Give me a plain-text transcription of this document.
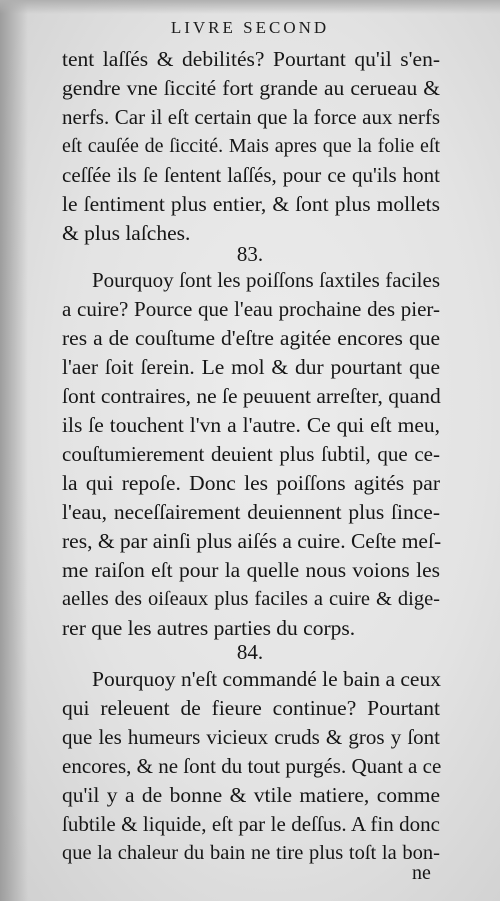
LIVRE SECOND
tent laſſés & debilités? Pourtant qu'il s'en-
gendre vne ſiccité fort grande au cerueau &
nerfs. Car il eſt certain que la force aux nerfs
eſt cauſée de ſiccité. Mais apres que la folie eſt
ceſſée ils ſe ſentent laſſés, pour ce qu'ils hont
le ſentiment plus entier, & ſont plus mollets
& plus laſches.
83.
Pourquoy ſont les poiſſons ſaxtiles faciles
a cuire? Pource que l'eau prochaine des pier-
res a de couſtume d'eſtre agitée encores que
l'aer ſoit ſerein. Le mol & dur pourtant que
ſont contraires, ne ſe peuuent arreſter, quand
ils ſe touchent l'vn a l'autre. Ce qui eſt meu,
couſtumierement deuient plus ſubtil, que ce-
la qui repoſe. Donc les poiſſons agités par
l'eau, neceſſairement deuiennent plus ſince-
res, & par ainſi plus aiſés a cuire. Ceſte meſ-
me raiſon eſt pour la quelle nous voions les
aelles des oiſeaux plus faciles a cuire & dige-
rer que les autres parties du corps.
84.
Pourquoy n'eſt commandé le bain a ceux
qui releuent de fieure continue? Pourtant
que les humeurs vicieux cruds & gros y ſont
encores, & ne ſont du tout purgés. Quant a ce
qu'il y a de bonne & vtile matiere, comme
ſubtile & liquide, eſt par le deſſus. A fin donc
que la chaleur du bain ne tire plus toſt la bon-
ne
